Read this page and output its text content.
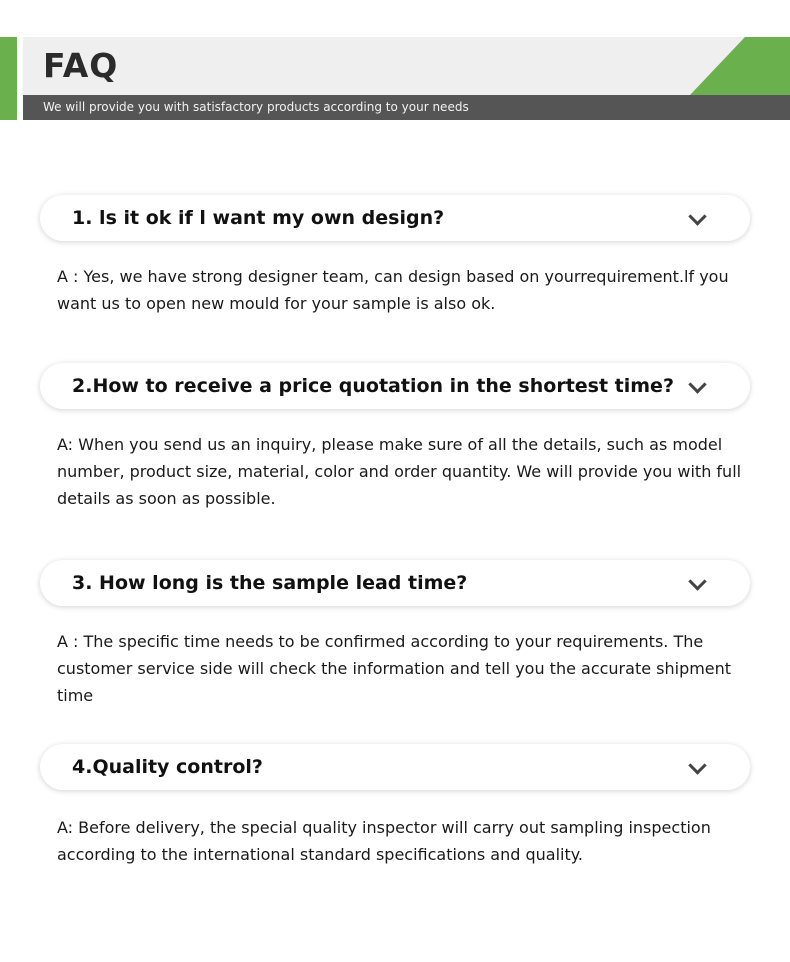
FAQ
We will provide you with satisfactory products according to your needs
1. ls it ok if l want my own design?

A : Yes, we have strong designer team, can design based on yourrequirement.lf you want us to open new mould for your sample is also ok.

2.How to receive a price quotation in the shortest time?

A: When you send us an inquiry, please make sure of all the details, such as model number, product size, material, color and order quantity. We will provide you with full details as soon as possible.

3. How long is the sample lead time?

A : The specific time needs to be confirmed according to your requirements. The customer service side will check the information and tell you the accurate shipment time

4.Quality control?

A: Before delivery, the special quality inspector will carry out sampling inspection according to the international standard specifications and quality.
